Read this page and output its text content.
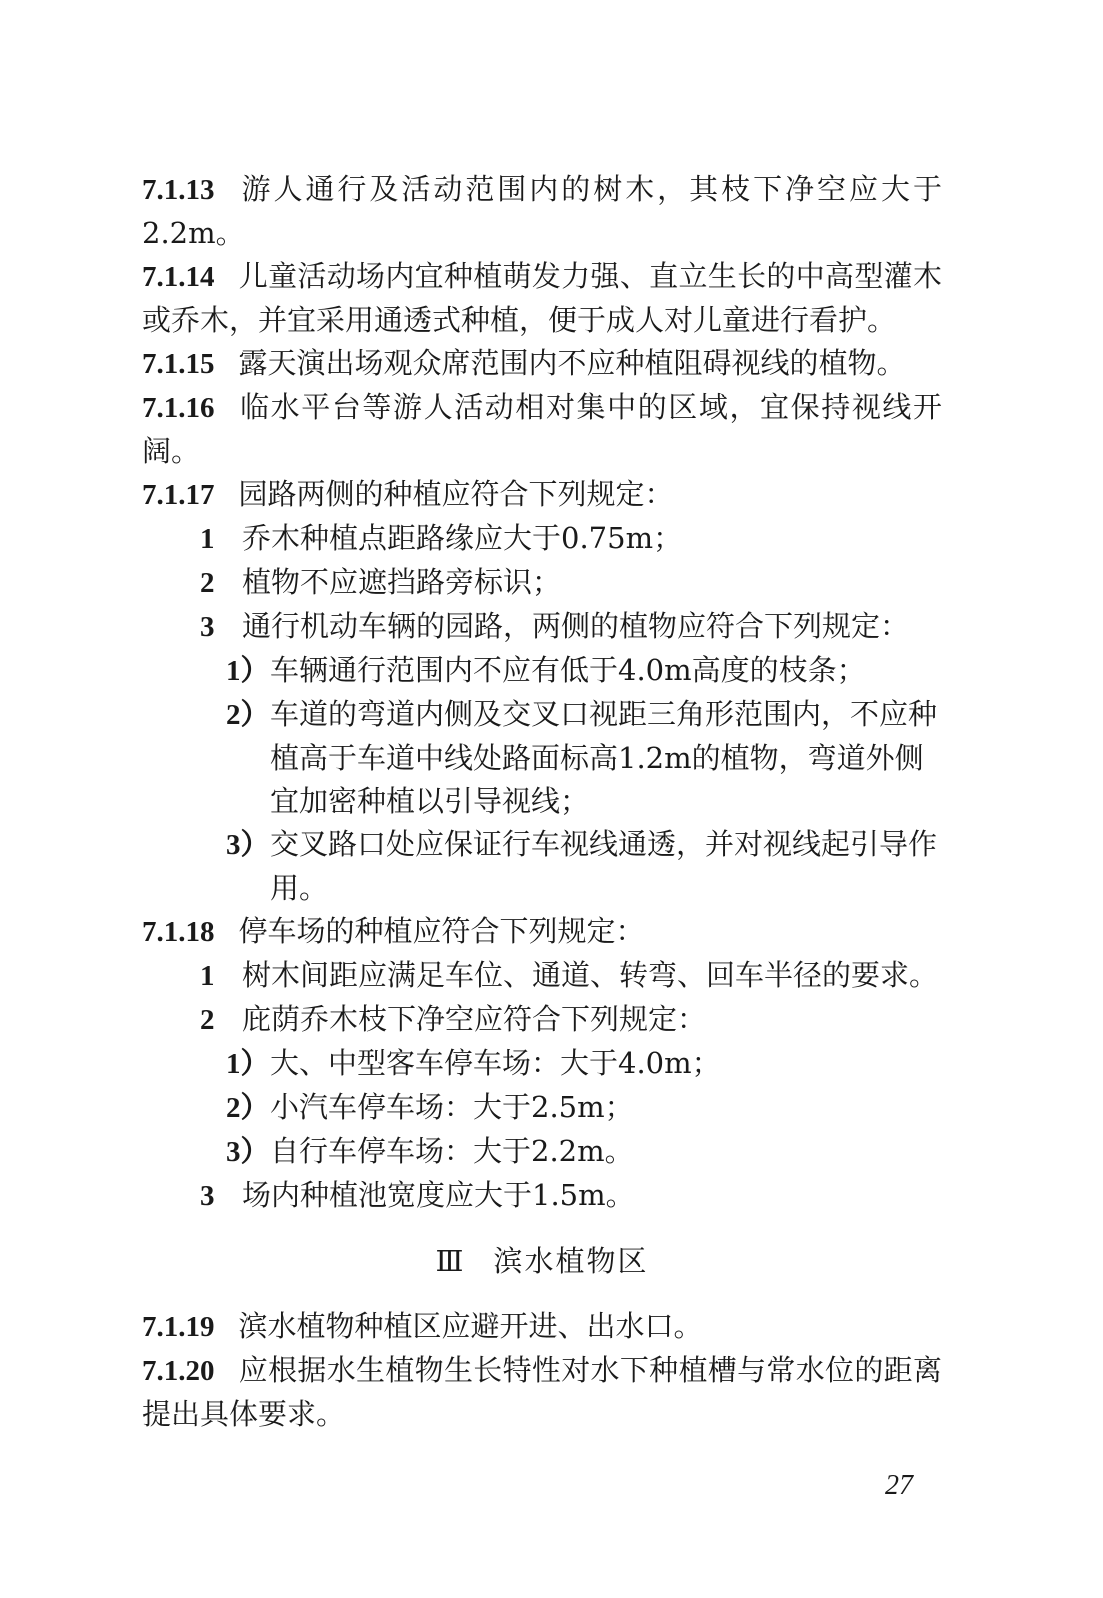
7.1.13 游人通行及活动范围内的树木，其枝下净空应大于2.2m。

7.1.14 儿童活动场内宜种植萌发力强、直立生长的中高型灌木或乔木，并宜采用通透式种植，便于成人对儿童进行看护。

7.1.15 露天演出场观众席范围内不应种植阻碍视线的植物。

7.1.16 临水平台等游人活动相对集中的区域，宜保持视线开阔。

7.1.17 园路两侧的种植应符合下列规定：

1 乔木种植点距路缘应大于0.75m；

2 植物不应遮挡路旁标识；

3 通行机动车辆的园路，两侧的植物应符合下列规定：

1）车辆通行范围内不应有低于4.0m高度的枝条；

2）车道的弯道内侧及交叉口视距三角形范围内，不应种植高于车道中线处路面标高1.2m的植物，弯道外侧宜加密种植以引导视线；

3）交叉路口处应保证行车视线通透，并对视线起引导作用。

7.1.18 停车场的种植应符合下列规定：

1 树木间距应满足车位、通道、转弯、回车半径的要求。

2 庇荫乔木枝下净空应符合下列规定：

1）大、中型客车停车场：大于4.0m；

2）小汽车停车场：大于2.5m；

3）自行车停车场：大于2.2m。

3 场内种植池宽度应大于1.5m。

Ⅲ 滨水植物区

7.1.19 滨水植物种植区应避开进、出水口。

7.1.20 应根据水生植物生长特性对水下种植槽与常水位的距离提出具体要求。

27
